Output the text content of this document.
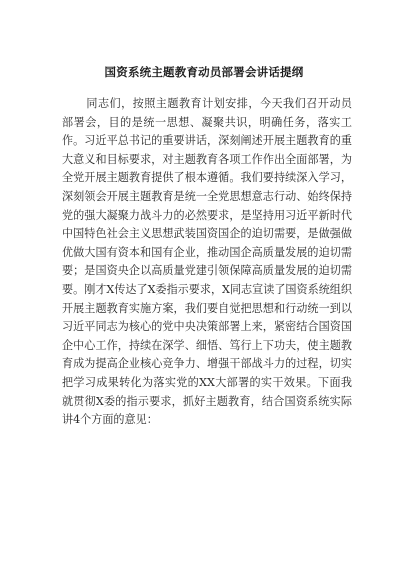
国资系统主题教育动员部署会讲话提纲

同志们，按照主题教育计划安排，今天我们召开动员部署会，目的是统一思想、凝聚共识，明确任务，落实工作。习近平总书记的重要讲话，深刻阐述开展主题教育的重大意义和目标要求，对主题教育各项工作作出全面部署，为全党开展主题教育提供了根本遵循。我们要持续深入学习，深刻领会开展主题教育是统一全党思想意志行动、始终保持党的强大凝聚力战斗力的必然要求，是坚持用习近平新时代中国特色社会主义思想武装国资国企的迫切需要，是做强做优做大国有资本和国有企业，推动国企高质量发展的迫切需要；是国资央企以高质量党建引领保障高质量发展的迫切需要。刚才X传达了X委指示要求，X同志宣读了国资系统组织开展主题教育实施方案，我们要自觉把思想和行动统一到以习近平同志为核心的党中央决策部署上来，紧密结合国资国企中心工作，持续在深学、细悟、笃行上下功夫，使主题教育成为提高企业核心竞争力、增强干部战斗力的过程，切实把学习成果转化为落实党的XX大部署的实干效果。下面我就贯彻X委的指示要求，抓好主题教育，结合国资系统实际讲4个方面的意见：
